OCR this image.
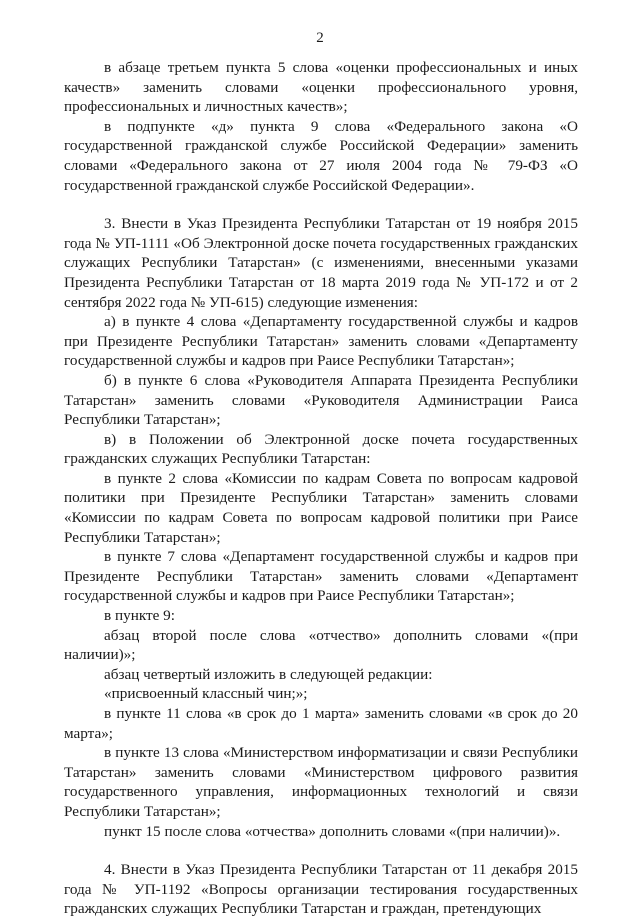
2

в абзаце третьем пункта 5 слова «оценки профессиональных и иных качеств» заменить словами «оценки профессионального уровня, профессиональных и личностных качеств»;

в подпункте «д» пункта 9 слова «Федерального закона «О государственной гражданской службе Российской Федерации» заменить словами «Федерального закона от 27 июля 2004 года № 79-ФЗ «О государственной гражданской службе Российской Федерации».

3. Внести в Указ Президента Республики Татарстан от 19 ноября 2015 года № УП-1111 «Об Электронной доске почета государственных гражданских служащих Республики Татарстан» (с изменениями, внесенными указами Президента Республики Татарстан от 18 марта 2019 года № УП-172 и от 2 сентября 2022 года № УП-615) следующие изменения:

а) в пункте 4 слова «Департаменту государственной службы и кадров при Президенте Республики Татарстан» заменить словами «Департаменту государственной службы и кадров при Раисе Республики Татарстан»;

б) в пункте 6 слова «Руководителя Аппарата Президента Республики Татарстан» заменить словами «Руководителя Администрации Раиса Республики Татарстан»;

в) в Положении об Электронной доске почета государственных гражданских служащих Республики Татарстан:

в пункте 2 слова «Комиссии по кадрам Совета по вопросам кадровой политики при Президенте Республики Татарстан» заменить словами «Комиссии по кадрам Совета по вопросам кадровой политики при Раисе Республики Татарстан»;

в пункте 7 слова «Департамент государственной службы и кадров при Президенте Республики Татарстан» заменить словами «Департамент государственной службы и кадров при Раисе Республики Татарстан»;

в пункте 9:

абзац второй после слова «отчество» дополнить словами «(при наличии)»;

абзац четвертый изложить в следующей редакции:

«присвоенный классный чин;»;

в пункте 11 слова «в срок до 1 марта» заменить словами «в срок до 20 марта»;

в пункте 13 слова «Министерством информатизации и связи Республики Татарстан» заменить словами «Министерством цифрового развития государственного управления, информационных технологий и связи Республики Татарстан»;

пункт 15 после слова «отчества» дополнить словами «(при наличии)».

4. Внести в Указ Президента Республики Татарстан от 11 декабря 2015 года № УП-1192 «Вопросы организации тестирования государственных гражданских служащих Республики Татарстан и граждан, претендующих
